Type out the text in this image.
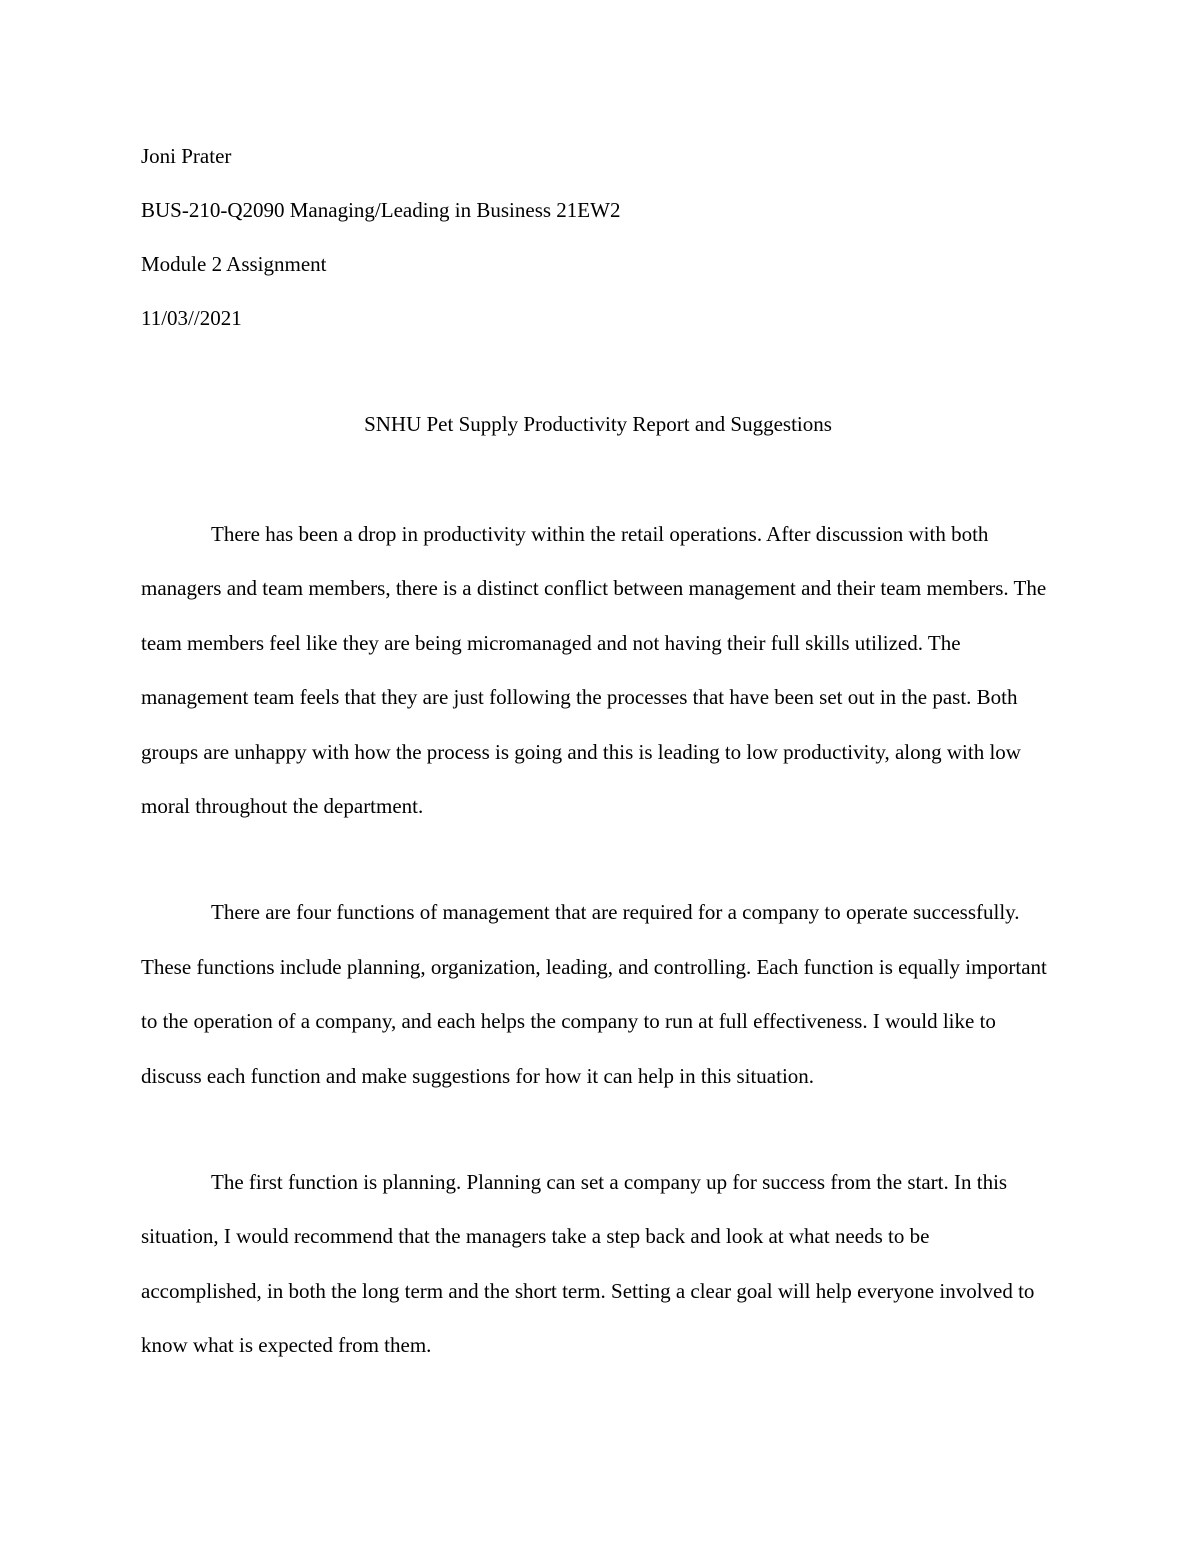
Joni Prater
BUS-210-Q2090 Managing/Leading in Business 21EW2
Module 2 Assignment
11/03//2021
SNHU Pet Supply Productivity Report and Suggestions

There has been a drop in productivity within the retail operations. After discussion with both managers and team members, there is a distinct conflict between management and their team members. The team members feel like they are being micromanaged and not having their full skills utilized. The management team feels that they are just following the processes that have been set out in the past. Both groups are unhappy with how the process is going and this is leading to low productivity, along with low moral throughout the department.

There are four functions of management that are required for a company to operate successfully. These functions include planning, organization, leading, and controlling. Each function is equally important to the operation of a company, and each helps the company to run at full effectiveness. I would like to discuss each function and make suggestions for how it can help in this situation.

The first function is planning. Planning can set a company up for success from the start. In this situation, I would recommend that the managers take a step back and look at what needs to be accomplished, in both the long term and the short term. Setting a clear goal will help everyone involved to know what is expected from them.
